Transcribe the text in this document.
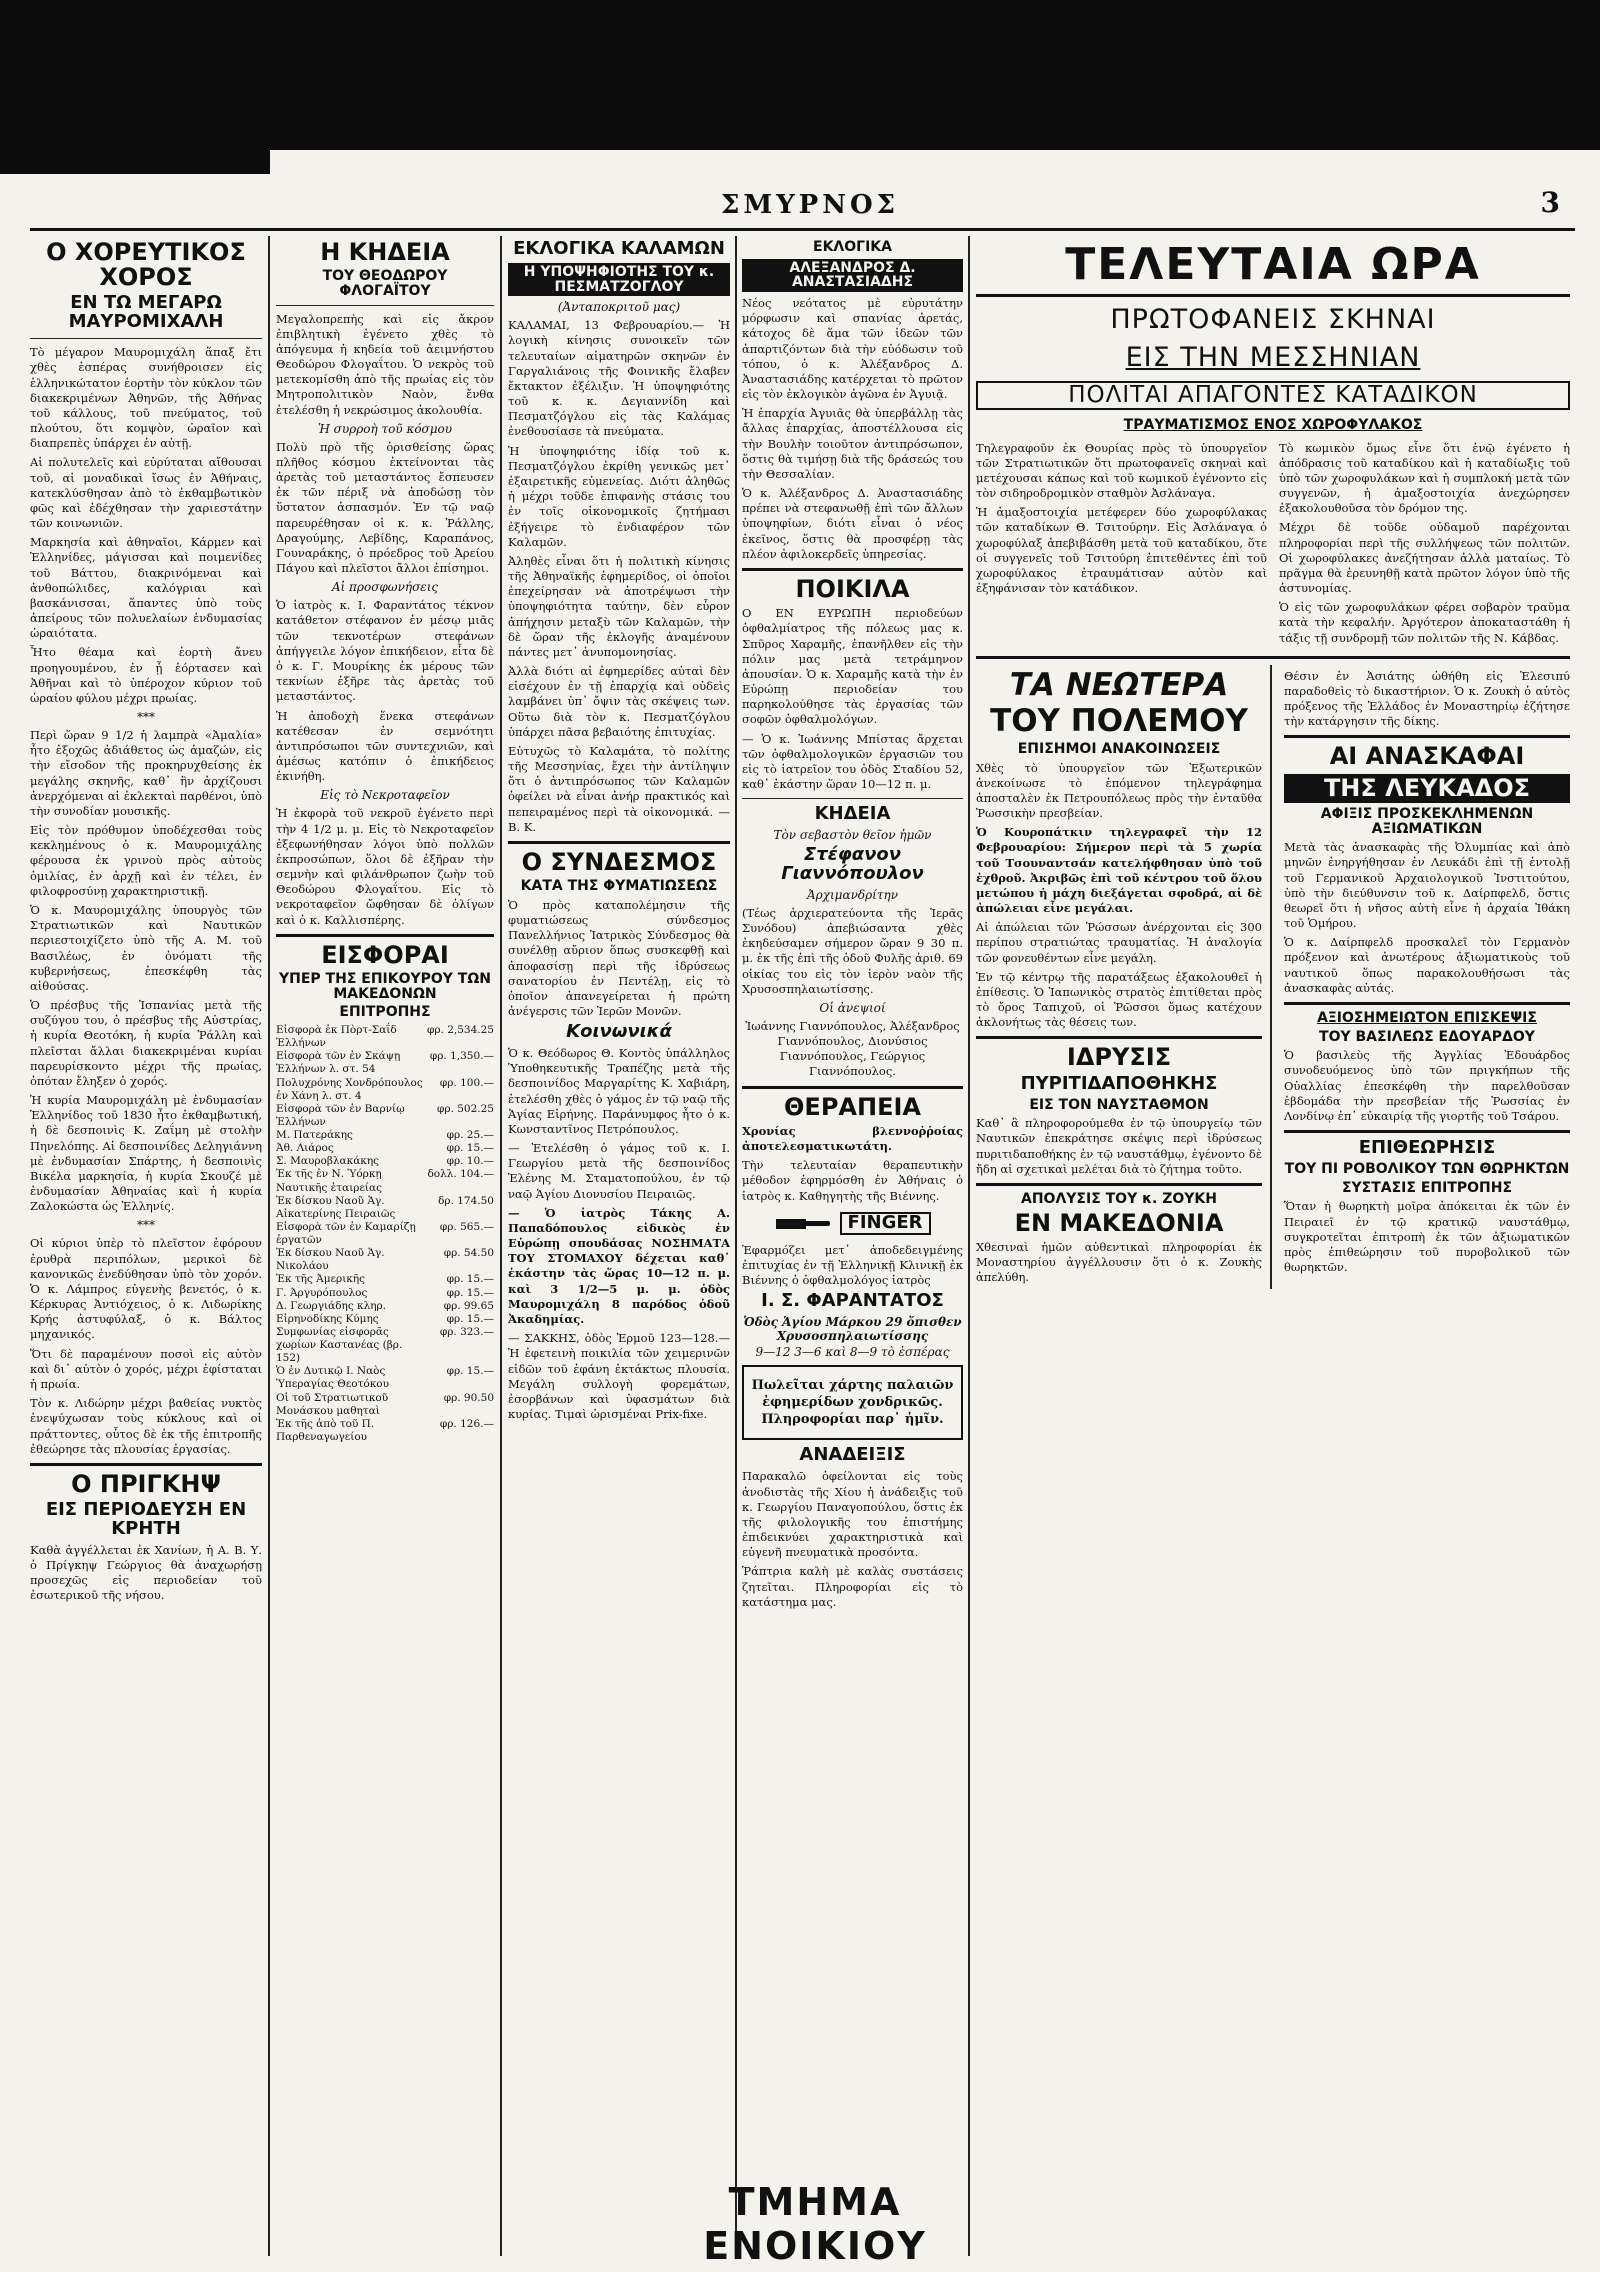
ΣΜΥΡΝΟΣ	3
Ο ΧΟΡΕΥΤΙΚΟΣ ΧΟΡΟΣ
ΕΝ ΤΩ ΜΕΓΑΡΩ ΜΑΥΡΟΜΙΧΑΛΗ

Τὸ μέγαρον Μαυρομιχάλη ἅπαξ ἔτι χθὲς ἑσπέρας συνήθροισεν εἰς ἑλληνικώτατον ἑορτὴν τὸν κύκλον τῶν διακεκριμένων Ἀθηνῶν, τῆς Ἀθήνας τοῦ κάλλους, τοῦ πνεύματος, τοῦ πλούτου, ὅτι κομψὸν, ὡραῖον καὶ διαπρεπὲς ὑπάρχει ἐν αὐτῇ.

Αἱ πολυτελεῖς καὶ εὐρύταται αἴθουσαι τοῦ, αἱ μοναδικαὶ ἴσως ἐν Ἀθήναις, κατεκλύσθησαν ἀπὸ τὸ ἐκθαμβωτικὸν φῶς καὶ ἐδέχθησαν τὴν χαριεστάτην τῶν κοινωνιῶν.

Μαρκησία καὶ ἀθηναῖοι, Κάρμεν καὶ Ἑλληνίδες, μάγισσαι καὶ ποιμενίδες τοῦ Βάττου, διακρινόμεναι καὶ ἀνθοπώλιδες, καλόγριαι καὶ βασκάνισσαι, ἅπαντες ὑπὸ τοὺς ἀπείρους τῶν πολυελαίων ἐνδυμασίας ὠραιότατα.

Ἦτο θέαμα καὶ ἑορτὴ ἄνευ προηγουμένου, ἐν ᾗ ἑόρτασεν καὶ Ἀθῆναι καὶ τὸ ὑπέροχον κύριον τοῦ ὡραίου φύλου μέχρι πρωίας.

***

Περὶ ὥραν 9 1/2 ἡ λαμπρὰ «Ἀμαλία» ἦτο ἐξοχῶς ἀδιάθετος ὡς ἀμαζών, εἰς τὴν εἴσοδον τῆς προκηρυχθείσης ἐκ μεγάλης σκηνῆς, καθ᾽ ἣν ἀρχίζουσι ἀνερχόμεναι αἱ ἐκλεκταὶ παρθένοι, ὑπὸ τὴν συνοδίαν μουσικῆς.

Εἰς τὸν πρόθυμον ὑποδέχεσθαι τοὺς κεκλημένους ὁ κ. Μαυρομιχάλης φέρουσα ἐκ γρινοὺ πρὸς αὐτοὺς ὁμιλίας, ἐν ἀρχῇ καὶ ἐν τέλει, ἐν φιλοφροσύνῃ χαρακτηριστικῇ.

Ὁ κ. Μαυρομιχάλης ὑπουργὸς τῶν Στρατιωτικῶν καὶ Ναυτικῶν περιεστοιχίζετο ὑπὸ τῆς Α. Μ. τοῦ Βασιλέως, ἐν ὀνόματι τῆς κυβερνήσεως, ἐπεσκέφθη τὰς αἰθούσας.

Ὁ πρέσβυς τῆς Ἰσπανίας μετὰ τῆς συζύγου του, ὁ πρέσβυς τῆς Αὐστρίας, ἡ κυρία Θεοτόκη, ἡ κυρία Ῥάλλη καὶ πλεῖσται ἄλλαι διακεκριμέναι κυρίαι παρευρίσκοντο μέχρι τῆς πρωίας, ὁπόταν ἔληξεν ὁ χορός.

Ἡ κυρία Μαυρομιχάλη μὲ ἐνδυμασίαν Ἑλληνίδος τοῦ 1830 ἦτο ἐκθαμβωτική, ἡ δὲ δεσποινὶς Κ. Ζαΐμη μὲ στολὴν Πηνελόπης. Αἱ δεσποινίδες Δεληγιάννη μὲ ἐνδυμασίαν Σπάρτης, ἡ δεσποινὶς Βικέλα μαρκησία, ἡ κυρία Σκουζέ μὲ ἐνδυμασίαν Ἀθηναίας καὶ ἡ κυρία Ζαλοκώστα ὡς Ἑλληνίς.

***

Οἱ κύριοι ὑπὲρ τὸ πλεῖστον ἐφόρουν ἐρυθρὰ περιπόλων, μερικοὶ δὲ κανονικῶς ἐνεδύθησαν ὑπὸ τὸν χορόν. Ὁ κ. Λάμπρος εὐγενὴς βενετός, ὁ κ. Κέρκυρας Ἀντιόχειος, ὁ κ. Λιδωρίκης Κρής ἀστυφύλαξ, ὁ κ. Βάλτος μηχανικός.

Ὅτι δὲ παραμένουν ποσοὶ εἰς αὐτὸν καὶ δι᾽ αὐτὸν ὁ χορός, μέχρι ἐφίσταται ἡ πρωία.

Τὸν κ. Λιδώρην μέχρι βαθείας νυκτὸς ἐνεψύχωσαν τοὺς κύκλους καὶ οἱ πράττοντες, οὗτος δὲ ἐκ τῆς ἐπιτροπῆς ἐθεώρησε τὰς πλουσίας ἐργασίας.

Ο ΠΡΙΓΚΗΨ
ΕΙΣ ΠΕΡΙΟΔΕΥΣΗ ΕΝ ΚΡΗΤΗ

Καθὰ ἀγγέλλεται ἐκ Χανίων, ἡ Α. Β. Υ. ὁ Πρίγκηψ Γεώργιος θὰ ἀναχωρήσῃ προσεχῶς εἰς περιοδείαν τοῦ ἐσωτερικοῦ τῆς νήσου.

Η ΚΗΔΕΙΑ
ΤΟΥ ΘΕΟΔΩΡΟΥ ΦΛΟΓΑΪΤΟΥ

Μεγαλοπρεπὴς καὶ εἰς ἄκρον ἐπιβλητικὴ ἐγένετο χθὲς τὸ ἀπόγευμα ἡ κηδεία τοῦ ἀειμνήστου Θεοδώρου Φλογαΐτου. Ὁ νεκρὸς τοῦ μετεκομίσθη ἀπὸ τῆς πρωίας εἰς τὸν Μητροπολιτικὸν Ναὸν, ἔνθα ἐτελέσθη ἡ νεκρώσιμος ἀκολουθία.

Ἡ συρροὴ τοῦ κόσμου

Πολὺ πρὸ τῆς ὁρισθείσης ὥρας πλῆθος κόσμου ἐκτείνονται τὰς ἀρετὰς τοῦ μεταστάντος ἔσπευσεν ἐκ τῶν πέριξ νὰ ἀποδώσῃ τὸν ὕστατον ἀσπασμόν. Ἐν τῷ ναῷ παρευρέθησαν οἱ κ. κ. Ῥάλλης, Δραγούμης, Λεβίδης, Καραπάνος, Γουναράκης, ὁ πρόεδρος τοῦ Ἀρείου Πάγου καὶ πλεῖστοι ἄλλοι ἐπίσημοι.

Αἱ προσφωνήσεις

Ὁ ἰατρὸς κ. Ι. Φαραντάτος τέκνον κατάθετον στέφανον ἐν μέσῳ μιᾶς τῶν τεκνοτέρων στεφάνων ἀπήγγειλε λόγον ἐπικήδειον, εἶτα δὲ ὁ κ. Γ. Μουρίκης ἐκ μέρους τῶν τεκνίων ἐξῆρε τὰς ἀρετὰς τοῦ μεταστάντος.

Ἡ ἀποδοχὴ ἕνεκα στεφάνων κατέθεσαν ἐν σεμνότητι ἀντιπρόσωποι τῶν συντεχνιῶν, καὶ ἀμέσως κατόπιν ὁ ἐπικήδειος ἐκινήθη.

Εἰς τὸ Νεκροταφεῖον

Ἡ ἐκφορὰ τοῦ νεκροῦ ἐγένετο περὶ τὴν 4 1/2 μ. μ. Εἰς τὸ Νεκροταφεῖον ἐξεφωνήθησαν λόγοι ὑπὸ πολλῶν ἐκπροσώπων, ὅλοι δὲ ἐξῆραν τὴν σεμνὴν καὶ φιλάνθρωπον ζωὴν τοῦ Θεοδώρου Φλογαΐτου. Εἰς τὸ νεκροταφεῖον ὤφθησαν δὲ ὁλίγων καὶ ὁ κ. Καλλισπέρης.

ΕΙΣΦΟΡΑΙ
ΥΠΕΡ ΤΗΣ ΕΠΙΚΟΥΡΟΥ ΤΩΝ ΜΑΚΕΔΟΝΩΝ
ΕΠΙΤΡΟΠΗΣ
Εἰσφορὰ ἐκ Πὸρτ-Σαΐδ Ἐλλήνων	φρ. 2,534.25
Εἰσφορὰ τῶν ἐν Σκάψῃ Ἑλλήνων λ. στ. 54	φρ. 1,350.—
Πολυχρόνης Χονδρόπουλος ἐν Χάνη λ. στ. 4	φρ. 100.—
Εἰσφορὰ τῶν ἐν Βαρνίῳ Ἑλλήνων	φρ. 502.25
Μ. Πατεράκης	φρ. 25.—
Ἀθ. Λιάρος	φρ. 15.—
Σ. Μαυροβλακάκης	φρ. 10.—
Ἐκ τῆς ἐν Ν. Ὑόρκῃ Ναυτικῆς ἑταιρείας	δολλ. 104.—
Ἐκ δίσκου Ναοῦ Ἁγ. Αἰκατερίνης Πειραιῶς	δρ. 174.50
Εἰσφορὰ τῶν ἐν Καμαρίζῃ ἐργατῶν	φρ. 565.—
Ἐκ δίσκου Ναοῦ Ἁγ. Νικολάου	φρ. 54.50
Ἐκ τῆς Ἀμερικῆς	φρ. 15.—
Γ. Ἀργυρόπουλος	φρ. 15.—
Δ. Γεωργιάδης κληρ.	φρ. 99.65
Εἰρηνοδίκης Κύμης	φρ. 15.—
Συμφωνίας εἰσφορᾶς χωρίων Καστανέας (βρ. 152)	φρ. 323.—
Ὁ ἐν Δυτικῷ Ι. Ναὸς Ὑπεραγίας Θεοτόκου	φρ. 15.—
Οἱ τοῦ Στρατιωτικοῦ Μονάσκου μαθηταὶ	φρ. 90.50
Ἐκ τῆς ἀπὸ τοῦ Π. Παρθεναγωγείου	φρ. 126.—
ΕΚΛΟΓΙΚΑ ΚΑΛΑΜΩΝ
Η ΥΠΟΨΗΦΙΟΤΗΣ ΤΟΥ κ. ΠΕΣΜΑΤΖΟΓΛΟΥ
(Ἀνταποκριτοῦ μας)

ΚΑΛΑΜΑΙ, 13 Φεβρουαρίου.— Ἡ λογικὴ κίνησις συνοικεῖν τῶν τελευταίων αἱματηρῶν σκηνῶν ἐν Γαργαλιάνοις τῆς Φοινικῆς ἔλαβεν ἔκτακτον ἐξέλιξιν. Ἡ ὑποψηφιότης τοῦ κ. κ. Δεγιαννίδη καὶ Πεσματζόγλου εἰς τὰς Καλάμας ἐνεθουσίασε τὰ πνεύματα.

Ἡ ὑποψηφιότης ἰδίᾳ τοῦ κ. Πεσματζόγλου ἐκρίθη γενικῶς μετ᾽ ἐξαιρετικῆς εὐμενείας. Διότι ἀληθῶς ἡ μέχρι τοῦδε ἐπιφανὴς στάσις του ἐν τοῖς οἰκονομικοῖς ζητήμασι ἐξήγειρε τὸ ἐνδιαφέρον τῶν Καλαμῶν.

Ἀληθὲς εἶναι ὅτι ἡ πολιτικὴ κίνησις τῆς Ἀθηναϊκῆς ἐφημερίδος, οἱ ὁποῖοι ἐπεχείρησαν νὰ ἀποτρέψωσι τὴν ὑποψηφιότητα ταύτην, δὲν εὗρον ἀπήχησιν μεταξὺ τῶν Καλαμῶν, τὴν δὲ ὥραν τῆς ἐκλογῆς ἀναμένουν πάντες μετ᾽ ἀνυπομονησίας.

Ἀλλὰ διότι αἱ ἐφημερίδες αὐταὶ δὲν εἰσέχουν ἐν τῇ ἐπαρχίᾳ καὶ οὐδεὶς λαμβάνει ὑπ᾽ ὄψιν τὰς σκέψεις των. Οὕτω διὰ τὸν κ. Πεσματζόγλου ὑπάρχει πᾶσα βεβαιότης ἐπιτυχίας.

Εὐτυχῶς τὸ Καλαμάτα, τὸ πολίτης τῆς Μεσσηνίας, ἔχει τὴν ἀντίληψιν ὅτι ὁ ἀντιπρόσωπος τῶν Καλαμῶν ὀφείλει νὰ εἶναι ἀνήρ πρακτικός καὶ πεπειραμένος περὶ τὰ οἰκονομικά. — Β. Κ.

Ο ΣΥΝΔΕΣΜΟΣ
ΚΑΤΑ ΤΗΣ ΦΥΜΑΤΙΩΣΕΩΣ

Ὁ πρὸς καταπολέμησιν τῆς φυματιώσεως σύνδεσμος Πανελλήνιος Ἰατρικὸς Σύνδεσμος θὰ συνέλθῃ αὔριον ὅπως συσκεφθῇ καὶ ἀποφασίσῃ περὶ τῆς ἱδρύσεως σανατορίου ἐν Πεντέλῃ, εἰς τὸ ὁποῖον ἀπανεγείρεται ἡ πρώτη ἀνέγερσις τῶν Ἱερῶν Μονῶν.

Κοινωνικά

Ὁ κ. Θεόδωρος Θ. Κοντὸς ὑπάλληλος Ὑποθηκευτικῆς Τραπέζης μετὰ τῆς δεσποινίδος Μαργαρίτης Κ. Χαβιάρη, ἐτελέσθη χθὲς ὁ γάμος ἐν τῷ ναῷ τῆς Ἁγίας Εἰρήνης. Παράνυμφος ἦτο ὁ κ. Κωνσταντῖνος Πετρόπουλος.

— Ἐτελέσθη ὁ γάμος τοῦ κ. Ι. Γεωργίου μετὰ τῆς δεσποινίδος Ἑλένης Μ. Σταματοπούλου, ἐν τῷ ναῷ Ἁγίου Διονυσίου Πειραιῶς.

— Ὁ ἰατρὸς Τάκης Α. Παπαδόπουλος εἰδικὸς ἐν Εὐρώπῃ σπουδάσας ΝΟΣΗΜΑΤΑ ΤΟΥ ΣΤΟΜΑΧΟΥ δέχεται καθ᾽ ἑκάστην τὰς ὥρας 10—12 π. μ. καὶ 3 1/2—5 μ. μ. ὁδὸς Μαυρομιχάλη 8 παρόδος ὁδοῦ Ἀκαδημίας.

— ΣΑΚΚΗΣ, ὁδὸς Ἑρμοῦ 123—128.— Ἡ ἐφετεινὴ ποικιλία τῶν χειμερινῶν εἰδῶν τοῦ ἐφάνη ἐκτάκτως πλουσία. Μεγάλη συλλογὴ φορεμάτων, ἐσορβάνων καὶ ὑφασμάτων διὰ κυρίας. Τιμαὶ ὡρισμέναι Prix-fixe.

ΕΚΛΟΓΙΚΑ
ΑΛΕΞΑΝΔΡΟΣ Δ. ΑΝΑΣΤΑΣΙΑΔΗΣ

Νέος νεότατος μὲ εὐρυτάτην μόρφωσιν καὶ σπανίας ἀρετάς, κάτοχος δὲ ἅμα τῶν ἰδεῶν τῶν ἀπαρτιζόντων διὰ τὴν εὐόδωσιν τοῦ τόπου, ὁ κ. Ἀλέξανδρος Δ. Ἀναστασιάδης κατέρχεται τὸ πρῶτον εἰς τὸν ἐκλογικὸν ἀγῶνα ἐν Ἀγυιᾷ.

Ἡ ἐπαρχία Ἀγυιᾶς θὰ ὑπερβάλλῃ τὰς ἄλλας ἐπαρχίας, ἀποστέλλουσα εἰς τὴν Βουλὴν τοιοῦτον ἀντιπρόσωπον, ὅστις θὰ τιμήσῃ διὰ τῆς δράσεώς του τὴν Θεσσαλίαν.

Ὁ κ. Ἀλέξανδρος Δ. Ἀναστασιάδης πρέπει νὰ στεφανωθῇ ἐπὶ τῶν ἄλλων ὑποψηφίων, διότι εἶναι ὁ νέος ἐκεῖνος, ὅστις θὰ προσφέρῃ τὰς πλέον ἀφιλοκερδεῖς ὑπηρεσίας.

ΠΟΙΚΙΛΑ

Ο ΕΝ ΕΥΡΩΠΗ περιοδεύων ὀφθαλμίατρος τῆς πόλεως μας κ. Σπῦρος Χαραμῆς, ἐπανῆλθεν εἰς τὴν πόλιν μας μετὰ τετράμηνον ἀπουσίαν. Ὁ κ. Χαραμῆς κατὰ τὴν ἐν Εὐρώπῃ περιοδείαν του παρηκολούθησε τὰς ἐργασίας τῶν σοφῶν ὀφθαλμολόγων.

— Ὁ κ. Ἰωάννης Μπίστας ἄρχεται τῶν ὀφθαλμολογικῶν ἐργασιῶν του εἰς τὸ ἰατρεῖον του ὁδὸς Σταδίου 52, καθ᾽ ἑκάστην ὥραν 10—12 π. μ.

ΚΗΔΕΙΑ
Τὸν σεβαστὸν θεῖον ἡμῶν
Στέφανον Γιαννόπουλον
Ἀρχιμανδρίτην

(Τέως ἀρχιερατεύοντα τῆς Ἱερᾶς Συνόδου) ἀπεβιώσαντα χθὲς ἐκηδεύσαμεν σήμερον ὥραν 9 30 π. μ. ἐκ τῆς ἐπὶ τῆς ὁδοῦ Φυλῆς ἀριθ. 69 οἰκίας του εἰς τὸν ἱερὸν ναὸν τῆς Χρυσοσπηλαιωτίσσης.

Οἱ ἀνεψιοί

Ἰωάννης Γιαννόπουλος, Ἀλέξανδρος Γιαννόπουλος, Διονύσιος Γιαννόπουλος, Γεώργιος Γιαννόπουλος.

ΘΕΡΑΠΕΙΑ

Χρονίας βλεννοῤῥοίας ἀποτελεσματικωτάτη.

Τὴν τελευταίαν θεραπευτικὴν μέθοδον ἐφηρμόσθη ἐν Ἀθήναις ὁ ἰατρὸς κ. Καθηγητὴς τῆς Βιέννης.

FINGER

Ἐφαρμόζει μετ᾽ ἀποδεδειγμένης ἐπιτυχίας ἐν τῇ Ἑλληνικῇ Κλινικῇ ἐκ Βιέννης ὁ ὀφθαλμολόγος ἰατρὸς

Ι. Σ. ΦΑΡΑΝΤΑΤΟΣ
Ὁδὸς Ἁγίου Μάρκου 29 ὄπισθεν Χρυσοσπηλαιωτίσσης
9—12 3—6 καὶ 8—9 τὸ ἑσπέρας
Πωλεῖται χάρτης παλαιῶν ἐφημερίδων χονδρικῶς. Πληροφορίαι παρ᾽ ἡμῖν.
ΑΝΑΔΕΙΞΙΣ

Παρακαλῶ ὀφείλονται εἰς τοὺς ἀνοδιστὰς τῆς Χίου ἡ ἀνάδειξις τοῦ κ. Γεωργίου Παναγοπούλου, ὅστις ἐκ τῆς φιλολογικῆς του ἐπιστήμης ἐπιδεικνύει χαρακτηριστικὰ καὶ εὐγενῆ πνευματικὰ προσόντα.

Ῥάπτρια καλὴ μὲ καλὰς συστάσεις ζητεῖται. Πληροφορίαι εἰς τὸ κατάστημα μας.

ΤΕΛΕΥΤΑΙΑ ΩΡΑ
ΠΡΩΤΟΦΑΝΕΙΣ ΣΚΗΝΑΙ
ΕΙΣ ΤΗΝ ΜΕΣΣΗΝΙΑΝ
ΠΟΛΙΤΑΙ ΑΠΑΓΟΝΤΕΣ ΚΑΤΑΔΙΚΟΝ
ΤΡΑΥΜΑΤΙΣΜΟΣ ΕΝΟΣ ΧΩΡΟΦΥΛΑΚΟΣ

Τηλεγραφοῦν ἐκ Θουρίας πρὸς τὸ ὑπουργεῖον τῶν Στρατιωτικῶν ὅτι πρωτοφανεῖς σκηναὶ καὶ μετέχουσαι κάπως καὶ τοῦ κωμικοῦ ἐγένοντο εἰς τὸν σιδηροδρομικὸν σταθμὸν Ἀσλάναγα.

Ἡ ἀμαξοστοιχία μετέφερεν δύο χωροφύλακας τῶν καταδίκων Θ. Τσιτούρην. Εἰς Ἀσλάναγα ὁ χωροφύλαξ ἀπεβιβάσθη μετὰ τοῦ καταδίκου, ὅτε οἱ συγγενεῖς τοῦ Τσιτούρη ἐπιτεθέντες ἐπὶ τοῦ χωροφύλακος ἐτραυμάτισαν αὐτὸν καὶ ἐξηφάνισαν τὸν κατάδικον.

Τὸ κωμικὸν ὅμως εἶνε ὅτι ἐνῷ ἐγένετο ἡ ἀπόδρασις τοῦ καταδίκου καὶ ἡ καταδίωξις τοῦ ὑπὸ τῶν χωροφυλάκων καὶ ἡ συμπλοκή μετὰ τῶν συγγενῶν, ἡ ἀμαξοστοιχία ἀνεχώρησεν ἐξακολουθοῦσα τὸν δρόμον της.

Μέχρι δὲ τοῦδε οὐδαμοῦ παρέχονται πληροφορίαι περὶ τῆς συλλήψεως τῶν πολιτῶν. Οἱ χωροφύλακες ἀνεζήτησαν ἀλλὰ ματαίως. Τὸ πρᾶγμα θὰ ἐρευνηθῇ κατὰ πρῶτον λόγον ὑπὸ τῆς ἀστυνομίας.

Ὁ εἰς τῶν χωροφυλάκων φέρει σοβαρὸν τραῦμα κατὰ τὴν κεφαλήν. Ἀργότερον ἀποκαταστάθη ἡ τάξις τῇ συνδρομῇ τῶν πολιτῶν τῆς Ν. Κάβδας.

ΤΑ ΝΕΩΤΕΡΑ
ΤΟΥ ΠΟΛΕΜΟΥ
ΕΠΙΣΗΜΟΙ ΑΝΑΚΟΙΝΩΣΕΙΣ

Χθὲς τὸ ὑπουργεῖον τῶν Ἐξωτερικῶν ἀνεκοίνωσε τὸ ἑπόμενον τηλεγράφημα ἀποσταλὲν ἐκ Πετρουπόλεως πρὸς τὴν ἐνταῦθα Ῥωσσικὴν πρεσβείαν.

Ὁ Κουροπάτκιν τηλεγραφεῖ τὴν 12 Φεβρουαρίου: Σήμερον περὶ τὰ 5 χωρία τοῦ Τσουναντσάν κατελήφθησαν ὑπὸ τοῦ ἐχθροῦ. Ἀκριβῶς ἐπὶ τοῦ κέντρου τοῦ ὅλου μετώπου ἡ μάχη διεξάγεται σφοδρά, αἱ δὲ ἀπώλειαι εἶνε μεγάλαι.

Αἱ ἀπώλειαι τῶν Ῥώσσων ἀνέρχονται εἰς 300 περίπου στρατιώτας τραυματίας. Ἡ ἀναλογία τῶν φονευθέντων εἶνε μεγάλη.

Ἐν τῷ κέντρῳ τῆς παρατάξεως ἐξακολουθεῖ ἡ ἐπίθεσις. Ὁ Ἰαπωνικὸς στρατὸς ἐπιτίθεται πρὸς τὸ ὄρος Ταπιχοῦ, οἱ Ῥῶσσοι ὅμως κατέχουν ἀκλονήτως τὰς θέσεις των.

ΙΔΡΥΣΙΣ
ΠΥΡΙΤΙΔΑΠΟΘΗΚΗΣ
ΕΙΣ ΤΟΝ ΝΑΥΣΤΑΘΜΟΝ

Καθ᾽ ἃ πληροφορούμεθα ἐν τῷ ὑπουργείῳ τῶν Ναυτικῶν ἐπεκράτησε σκέψις περὶ ἱδρύσεως πυριτιδαποθήκης ἐν τῷ ναυστάθμῳ, ἐγένοντο δὲ ἤδη αἱ σχετικαὶ μελέται διὰ τὸ ζήτημα τοῦτο.

ΑΠΟΛΥΣΙΣ ΤΟΥ κ. ΖΟΥΚΗ
ΕΝ ΜΑΚΕΔΟΝΙΑ

Χθεσιναὶ ἡμῶν αὐθεντικαὶ πληροφορίαι ἐκ Μοναστηρίου ἀγγέλλουσιν ὅτι ὁ κ. Ζουκὴς ἀπελύθη.

Θέσιν ἐν Ἀσιάτης ὡθήθη εἰς Ἑλεσιπύ παραδοθεὶς τὸ δικαστήριον. Ὁ κ. Ζουκὴ ὁ αὐτὸς πρόξενος τῆς Ἑλλάδος ἐν Μοναστηρίῳ ἐζήτησε τὴν κατάργησιν τῆς δίκης.

ΑΙ ΑΝΑΣΚΑΦΑΙ
ΤΗΣ ΛΕΥΚΑΔΟΣ
ΑΦΙΞΙΣ ΠΡΟΣΚΕΚΛΗΜΕΝΩΝ ΑΞΙΩΜΑΤΙΚΩΝ

Μετὰ τὰς ἀνασκαφὰς τῆς Ὀλυμπίας καὶ ἀπὸ μηνῶν ἐνηργήθησαν ἐν Λευκάδι ἐπὶ τῇ ἐντολῇ τοῦ Γερμανικοῦ Ἀρχαιολογικοῦ Ἰνστιτούτου, ὑπὸ τὴν διεύθυνσιν τοῦ κ. Δαίρπφελδ, ὅστις θεωρεῖ ὅτι ἡ νῆσος αὐτὴ εἶνε ἡ ἀρχαία Ἰθάκη τοῦ Ὁμήρου.

Ὁ κ. Δαίρπφελδ προσκαλεῖ τὸν Γερμανὸν πρόξενον καὶ ἀνωτέρους ἀξιωματικοὺς τοῦ ναυτικοῦ ὅπως παρακολουθήσωσι τὰς ἀνασκαφὰς αὐτάς.

ΑΞΙΟΣΗΜΕΙΩΤΟΝ ΕΠΙΣΚΕΨΙΣ
ΤΟΥ ΒΑΣΙΛΕΩΣ ΕΔΟΥΑΡΔΟΥ

Ὁ βασιλεὺς τῆς Ἀγγλίας Ἐδουάρδος συνοδευόμενος ὑπὸ τῶν πριγκήπων τῆς Οὐαλλίας ἐπεσκέφθη τὴν παρελθοῦσαν ἑβδομάδα τὴν πρεσβείαν τῆς Ῥωσσίας ἐν Λονδίνῳ ἐπ᾽ εὐκαιρίᾳ τῆς γιορτῆς τοῦ Τσάρου.

ΕΠΙΘΕΩΡΗΣΙΣ
ΤΟΥ ΠΙ ΡΟΒΟΛΙΚΟΥ ΤΩΝ ΘΩΡΗΚΤΩΝ
ΣΥΣΤΑΣΙΣ ΕΠΙΤΡΟΠΗΣ

Ὅταν ἡ θωρηκτὴ μοῖρα ἀπόκειται ἐκ τῶν ἐν Πειραιεῖ ἐν τῷ κρατικῷ ναυστάθμῳ, συγκροτεῖται ἐπιτροπὴ ἐκ τῶν ἀξιωματικῶν πρὸς ἐπιθεώρησιν τοῦ πυροβολικοῦ τῶν θωρηκτῶν.

ΤΜΗΜΑ ΕΝΟΙΚΙΟΥ
